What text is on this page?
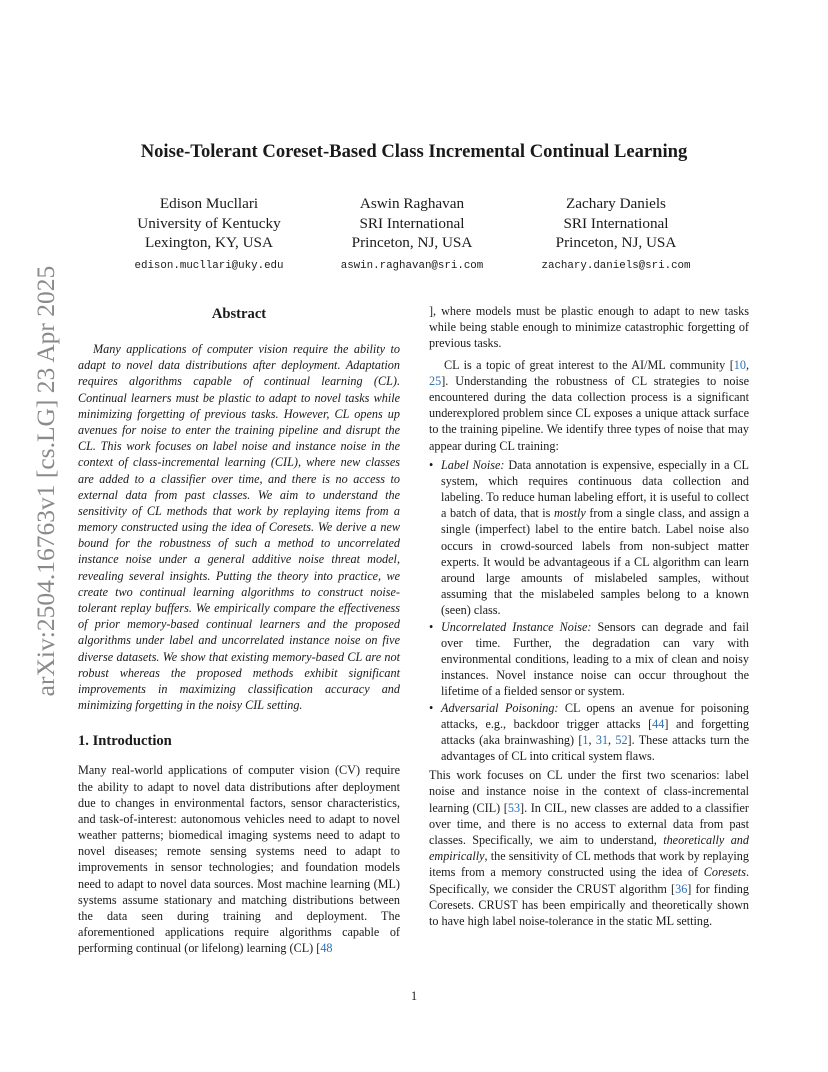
arXiv:2504.16763v1 [cs.LG] 23 Apr 2025
Noise-Tolerant Coreset-Based Class Incremental Continual Learning
Edison Mucllari
University of Kentucky
Lexington, KY, USA
edison.mucllari@uky.edu
Aswin Raghavan
SRI International
Princeton, NJ, USA
aswin.raghavan@sri.com
Zachary Daniels
SRI International
Princeton, NJ, USA
zachary.daniels@sri.com
Abstract

Many applications of computer vision require the ability to adapt to novel data distributions after deployment. Adaptation requires algorithms capable of continual learning (CL). Continual learners must be plastic to adapt to novel tasks while minimizing forgetting of previous tasks. However, CL opens up avenues for noise to enter the training pipeline and disrupt the CL. This work focuses on label noise and instance noise in the context of class-incremental learning (CIL), where new classes are added to a classifier over time, and there is no access to external data from past classes. We aim to understand the sensitivity of CL methods that work by replaying items from a memory constructed using the idea of Coresets. We derive a new bound for the robustness of such a method to uncorrelated instance noise under a general additive noise threat model, revealing several insights. Putting the theory into practice, we create two continual learning algorithms to construct noise-tolerant replay buffers. We empirically compare the effectiveness of prior memory-based continual learners and the proposed algorithms under label and uncorrelated instance noise on five diverse datasets. We show that existing memory-based CL are not robust whereas the proposed methods exhibit significant improvements in maximizing classification accuracy and minimizing forgetting in the noisy CIL setting.

1. Introduction

Many real-world applications of computer vision (CV) require the ability to adapt to novel data distributions after deployment due to changes in environmental factors, sensor characteristics, and task-of-interest: autonomous vehicles need to adapt to novel weather patterns; biomedical imaging systems need to adapt to novel diseases; remote sensing systems need to adapt to improvements in sensor technologies; and foundation models need to adapt to novel data sources. Most machine learning (ML) systems assume stationary and matching distributions between the data seen during training and deployment. The aforementioned applications require algorithms capable of performing continual (or lifelong) learning (CL) [48

], where models must be plastic enough to adapt to new tasks while being stable enough to minimize catastrophic forgetting of previous tasks.

CL is a topic of great interest to the AI/ML community [10, 25]. Understanding the robustness of CL strategies to noise encountered during the data collection process is a significant underexplored problem since CL exposes a unique attack surface to the training pipeline. We identify three types of noise that may appear during CL training:

• Label Noise: Data annotation is expensive, especially in a CL system, which requires continuous data collection and labeling. To reduce human labeling effort, it is useful to collect a batch of data, that is mostly from a single class, and assign a single (imperfect) label to the entire batch. Label noise also occurs in crowd-sourced labels from non-subject matter experts. It would be advantageous if a CL algorithm can learn around large amounts of mislabeled samples, without assuming that the mislabeled samples belong to a known (seen) class.
• Uncorrelated Instance Noise: Sensors can degrade and fail over time. Further, the degradation can vary with environmental conditions, leading to a mix of clean and noisy instances. Novel instance noise can occur throughout the lifetime of a fielded sensor or system.
• Adversarial Poisoning: CL opens an avenue for poisoning attacks, e.g., backdoor trigger attacks [44] and forgetting attacks (aka brainwashing) [1, 31, 52]. These attacks turn the advantages of CL into critical system flaws.

This work focuses on CL under the first two scenarios: label noise and instance noise in the context of class-incremental learning (CIL) [53]. In CIL, new classes are added to a classifier over time, and there is no access to external data from past classes. Specifically, we aim to understand, theoretically and empirically, the sensitivity of CL methods that work by replaying items from a memory constructed using the idea of Coresets. Specifically, we consider the CRUST algorithm [36] for finding Coresets. CRUST has been empirically and theoretically shown to have high label noise-tolerance in the static ML setting.

1
